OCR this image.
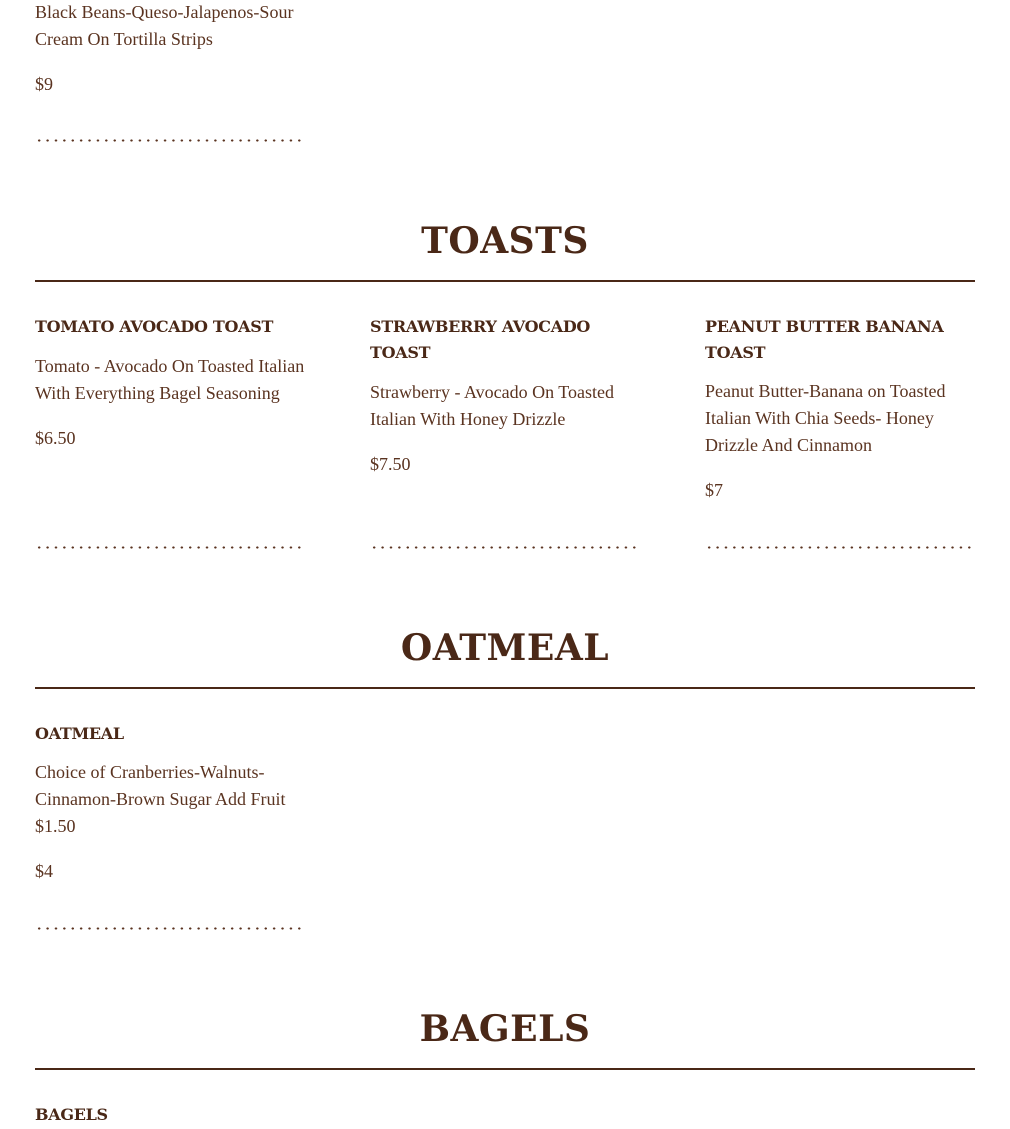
Black Beans-Queso-Jalapenos-Sour Cream On Tortilla Strips

$9

TOASTS
TOMATO AVOCADO TOAST

Tomato - Avocado On Toasted Italian With Everything Bagel Seasoning

$6.50

STRAWBERRY AVOCADO TOAST

Strawberry - Avocado On Toasted Italian With Honey Drizzle

$7.50

PEANUT BUTTER BANANA TOAST

Peanut Butter-Banana on Toasted Italian With Chia Seeds- Honey Drizzle And Cinnamon

$7

OATMEAL
OATMEAL

Choice of Cranberries-Walnuts-Cinnamon-Brown Sugar Add Fruit $1.50

$4

BAGELS
BAGELS
